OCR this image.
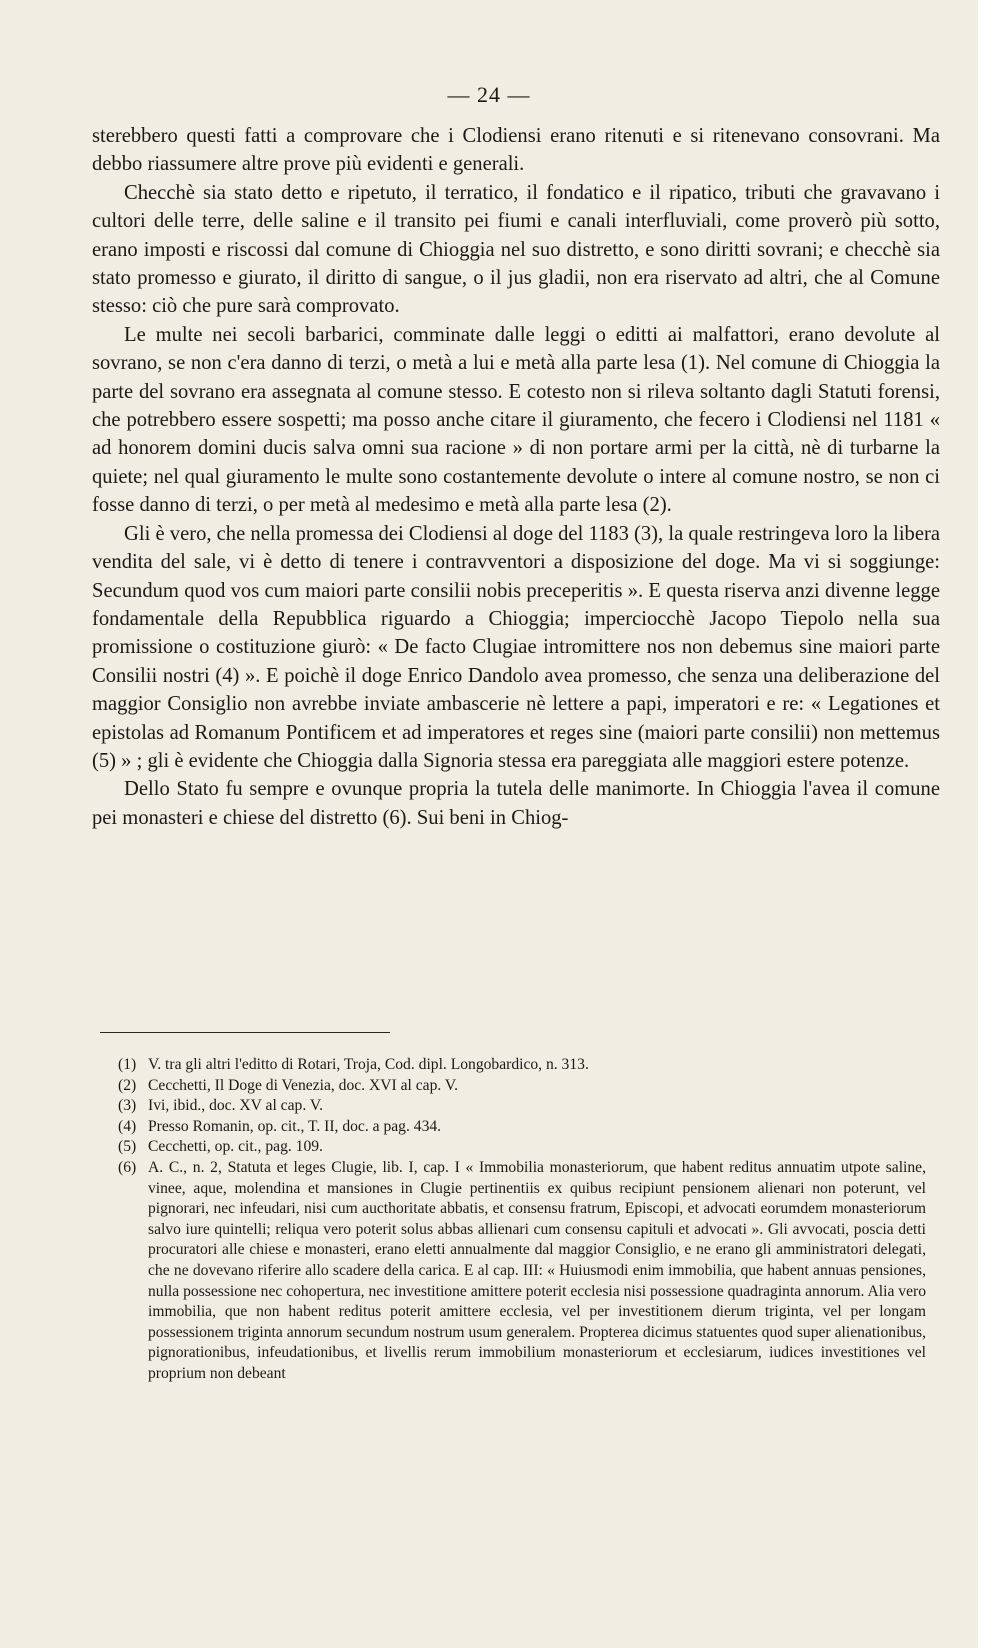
— 24 —

sterebbero questi fatti a comprovare che i Clodiensi erano ritenuti e si ritenevano consovrani. Ma debbo riassumere altre prove più evidenti e generali.

Checchè sia stato detto e ripetuto, il terratico, il fondatico e il ripatico, tributi che gravavano i cultori delle terre, delle saline e il transito pei fiumi e canali interfluviali, come proverò più sotto, erano imposti e riscossi dal comune di Chioggia nel suo distretto, e sono diritti sovrani; e checchè sia stato promesso e giurato, il diritto di sangue, o il jus gladii, non era riservato ad altri, che al Comune stesso: ciò che pure sarà comprovato.

Le multe nei secoli barbarici, comminate dalle leggi o editti ai malfattori, erano devolute al sovrano, se non c'era danno di terzi, o metà a lui e metà alla parte lesa (1). Nel comune di Chioggia la parte del sovrano era assegnata al comune stesso. E cotesto non si rileva soltanto dagli Statuti forensi, che potrebbero essere sospetti; ma posso anche citare il giuramento, che fecero i Clodiensi nel 1181 « ad honorem domini ducis salva omni sua racione » di non portare armi per la città, nè di turbarne la quiete; nel qual giuramento le multe sono costantemente devolute o intere al comune nostro, se non ci fosse danno di terzi, o per metà al medesimo e metà alla parte lesa (2).

Gli è vero, che nella promessa dei Clodiensi al doge del 1183 (3), la quale restringeva loro la libera vendita del sale, vi è detto di tenere i contravventori a disposizione del doge. Ma vi si soggiunge: Secundum quod vos cum maiori parte consilii nobis preceperitis ». E questa riserva anzi divenne legge fondamentale della Repubblica riguardo a Chioggia; imperciocchè Jacopo Tiepolo nella sua promissione o costituzione giurò: « De facto Clugiae intromittere nos non debemus sine maiori parte Consilii nostri (4) ». E poichè il doge Enrico Dandolo avea promesso, che senza una deliberazione del maggior Consiglio non avrebbe inviate ambascerie nè lettere a papi, imperatori e re: « Legationes et epistolas ad Romanum Pontificem et ad imperatores et reges sine (maiori parte consilii) non mettemus (5) » ; gli è evidente che Chioggia dalla Signoria stessa era pareggiata alle maggiori estere potenze.

Dello Stato fu sempre e ovunque propria la tutela delle manimorte. In Chioggia l'avea il comune pei monasteri e chiese del distretto (6). Sui beni in Chiog-

(1) V. tra gli altri l'editto di Rotari, Troja, Cod. dipl. Longobardico, n. 313.
(2) Cecchetti, Il Doge di Venezia, doc. XVI al cap. V.
(3) Ivi, ibid., doc. XV al cap. V.
(4) Presso Romanin, op. cit., T. II, doc. a pag. 434.
(5) Cecchetti, op. cit., pag. 109.
(6) A. C., n. 2, Statuta et leges Clugie, lib. I, cap. I « Immobilia monasteriorum, que habent reditus annuatim utpote saline, vinee, aque, molendina et mansiones in Clugie pertinentiis ex quibus recipiunt pensionem alienari non poterunt, vel pignorari, nec infeudari, nisi cum aucthoritate abbatis, et consensu fratrum, Episcopi, et advocati eorumdem monasteriorum salvo iure quintelli; reliqua vero poterit solus abbas allienari cum consensu capituli et advocati ». Gli avvocati, poscia detti procuratori alle chiese e monasteri, erano eletti annualmente dal maggior Consiglio, e ne erano gli amministratori delegati, che ne dovevano riferire allo scadere della carica. E al cap. III: « Huiusmodi enim immobilia, que habent annuas pensiones, nulla possessione nec cohopertura, nec investitione amittere poterit ecclesia nisi possessione quadraginta annorum. Alia vero immobilia, que non habent reditus poterit amittere ecclesia, vel per investitionem dierum triginta, vel per longam possessionem triginta annorum secundum nostrum usum generalem. Propterea dicimus statuentes quod super alienationibus, pignorationibus, infeudationibus, et livellis rerum immobilium monasteriorum et ecclesiarum, iudices investitiones vel proprium non debeant
